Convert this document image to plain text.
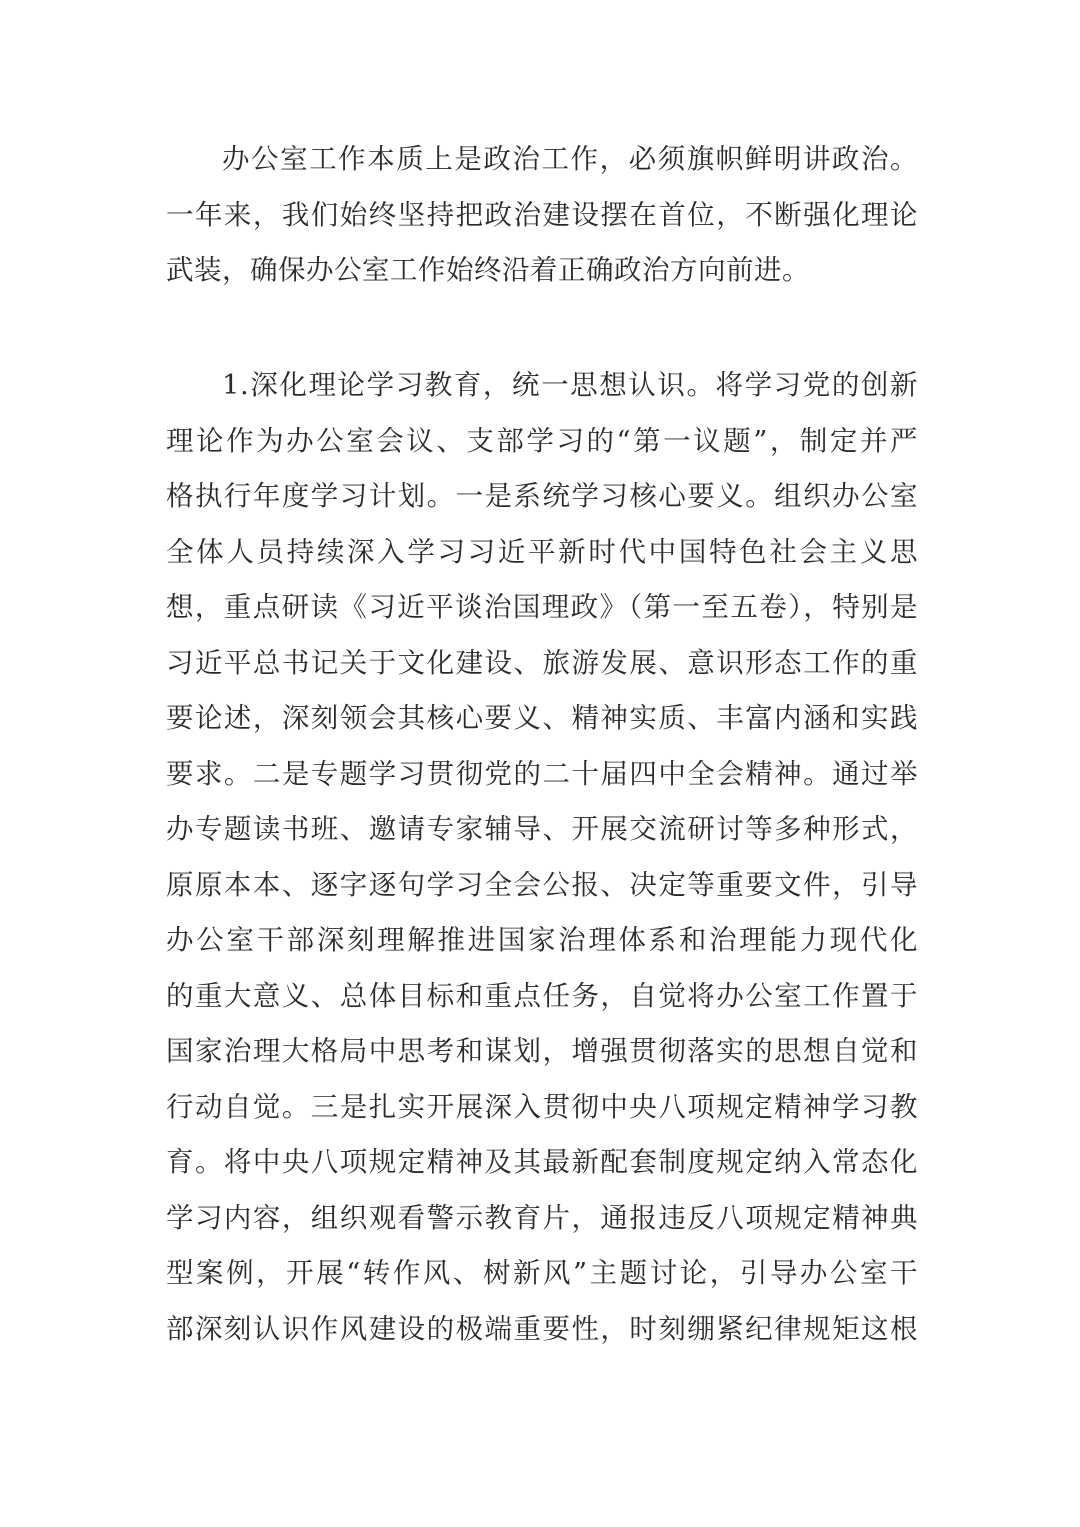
办公室工作本质上是政治工作，必须旗帜鲜明讲政治。
一年来，我们始终坚持把政治建设摆在首位，不断强化理论
武装，确保办公室工作始终沿着正确政治方向前进。
1.深化理论学习教育，统一思想认识。将学习党的创新
理论作为办公室会议、支部学习的“第一议题”，制定并严
格执行年度学习计划。一是系统学习核心要义。组织办公室
全体人员持续深入学习习近平新时代中国特色社会主义思
想，重点研读《习近平谈治国理政》（第一至五卷），特别是
习近平总书记关于文化建设、旅游发展、意识形态工作的重
要论述，深刻领会其核心要义、精神实质、丰富内涵和实践
要求。二是专题学习贯彻党的二十届四中全会精神。通过举
办专题读书班、邀请专家辅导、开展交流研讨等多种形式，
原原本本、逐字逐句学习全会公报、决定等重要文件，引导
办公室干部深刻理解推进国家治理体系和治理能力现代化
的重大意义、总体目标和重点任务，自觉将办公室工作置于
国家治理大格局中思考和谋划，增强贯彻落实的思想自觉和
行动自觉。三是扎实开展深入贯彻中央八项规定精神学习教
育。将中央八项规定精神及其最新配套制度规定纳入常态化
学习内容，组织观看警示教育片，通报违反八项规定精神典
型案例，开展“转作风、树新风”主题讨论，引导办公室干
部深刻认识作风建设的极端重要性，时刻绷紧纪律规矩这根
